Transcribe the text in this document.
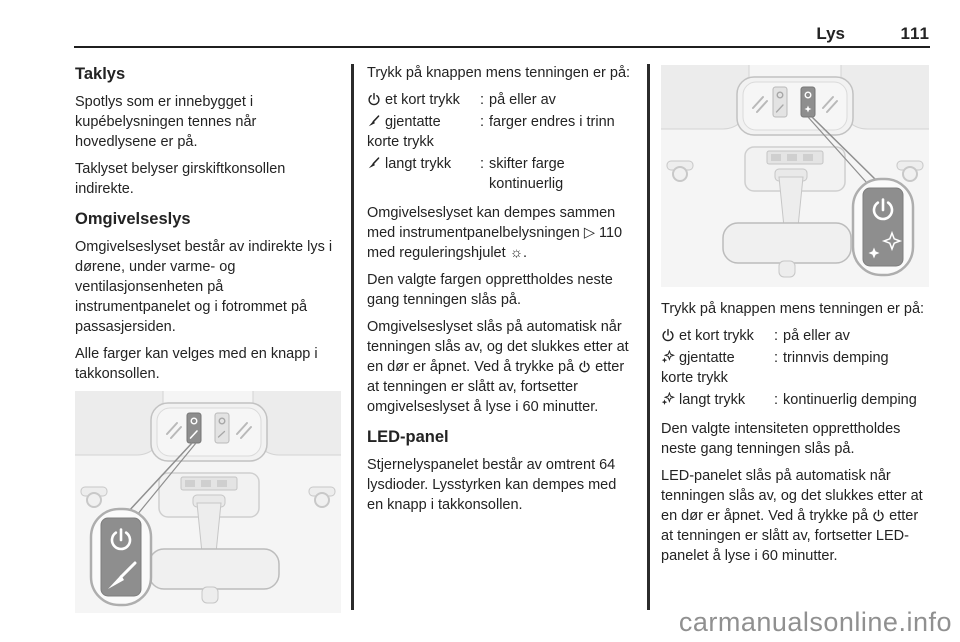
Lys	111
Taklys

Spotlys som er innebygget i kupébelysningen tennes når hovedlysene er på.

Taklyset belyser girskiftkonsollen indirekte.

Omgivelseslys

Omgivelseslyset består av indirekte lys i dørene, under varme- og ventilasjonsenheten på instrumentpanelet og i fotrommet på passasjersiden.

Alle farger kan velges med en knapp i takkonsollen.

Trykk på knappen mens tenningen er på:

et kort trykk	: på eller av
gjentatte korte trykk
: farger endres i trinn
langt trykk	: skifter farge kontinuerlig

Omgivelseslyset kan dempes sammen med instrumentpanelbelysningen ▷ 110 med reguleringshjulet ☼.

Den valgte fargen opprettholdes neste gang tenningen slås på.

Omgivelseslyset slås på automatisk når tenningen slås av, og det slukkes etter at en dør er åpnet. Ved å trykke på etter at tenningen er slått av, fortsetter omgivelseslyset å lyse i 60 minutter.

LED-panel

Stjernelyspanelet består av omtrent 64 lysdioder. Lysstyrken kan dempes med en knapp i takkonsollen.

Trykk på knappen mens tenningen er på:

et kort trykk	: på eller av
gjentatte korte trykk
: trinnvis demping
langt trykk	: kontinuerlig demping

Den valgte intensiteten opprettholdes neste gang tenningen slås på.

LED-panelet slås på automatisk når tenningen slås av, og det slukkes etter at en dør er åpnet. Ved å trykke på etter at tenningen er slått av, fortsetter LED-panelet å lyse i 60 minutter.

carmanualsonline.info
